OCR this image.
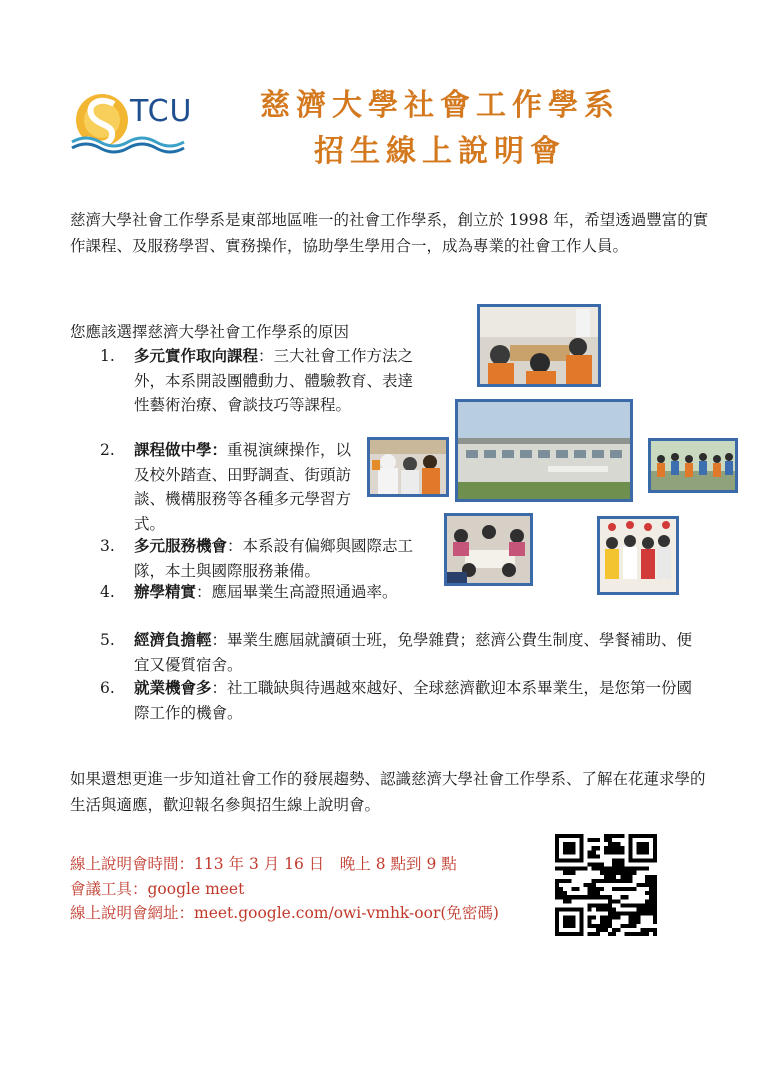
TCU	慈濟大學社會工作學系
招生線上說明會
慈濟大學社會工作學系是東部地區唯一的社會工作學系，創立於 1998 年，希望透過豐富的實作課程、及服務學習、實務操作，協助學生學用合一，成為專業的社會工作人員。
您應該選擇慈濟大學社會工作學系的原因
1.	多元實作取向課程：三大社會工作方法之外，本系開設團體動力、體驗教育、表達性藝術治療、會談技巧等課程。
2.	課程做中學：重視演練操作，以及校外踏查、田野調查、街頭訪談、機構服務等各種多元學習方式。
3.	多元服務機會：本系設有偏鄉與國際志工隊，本土與國際服務兼備。
4.	辦學精實：應屆畢業生高證照通過率。
5.	經濟負擔輕：畢業生應屆就讀碩士班，免學雜費；慈濟公費生制度、學餐補助、便宜又優質宿舍。
6.	就業機會多：社工職缺與待遇越來越好、全球慈濟歡迎本系畢業生，是您第一份國際工作的機會。
如果還想更進一步知道社會工作的發展趨勢、認識慈濟大學社會工作學系、了解在花蓮求學的生活與適應，歡迎報名參與招生線上說明會。
線上說明會時間：113 年 3 月 16 日　晚上 8 點到 9 點
會議工具：google meet
線上說明會網址：meet.google.com/owi-vmhk-oor(免密碼)
